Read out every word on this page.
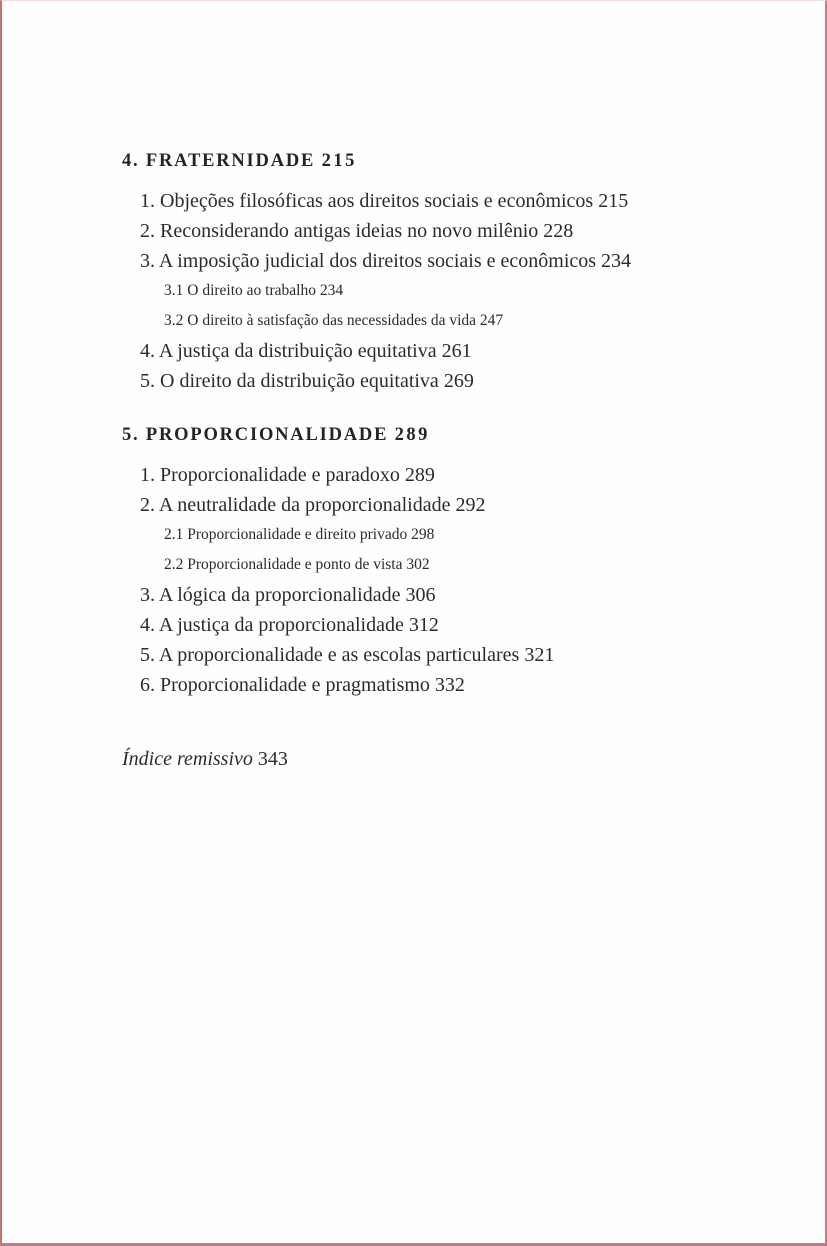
4. FRATERNIDADE 215
1. Objeções filosóficas aos direitos sociais e econômicos 215
2. Reconsiderando antigas ideias no novo milênio 228
3. A imposição judicial dos direitos sociais e econômicos 234
3.1 O direito ao trabalho 234
3.2 O direito à satisfação das necessidades da vida 247
4. A justiça da distribuição equitativa 261
5. O direito da distribuição equitativa 269
5. PROPORCIONALIDADE 289
1. Proporcionalidade e paradoxo 289
2. A neutralidade da proporcionalidade 292
2.1 Proporcionalidade e direito privado 298
2.2 Proporcionalidade e ponto de vista 302
3. A lógica da proporcionalidade 306
4. A justiça da proporcionalidade 312
5. A proporcionalidade e as escolas particulares 321
6. Proporcionalidade e pragmatismo 332
Índice remissivo 343
